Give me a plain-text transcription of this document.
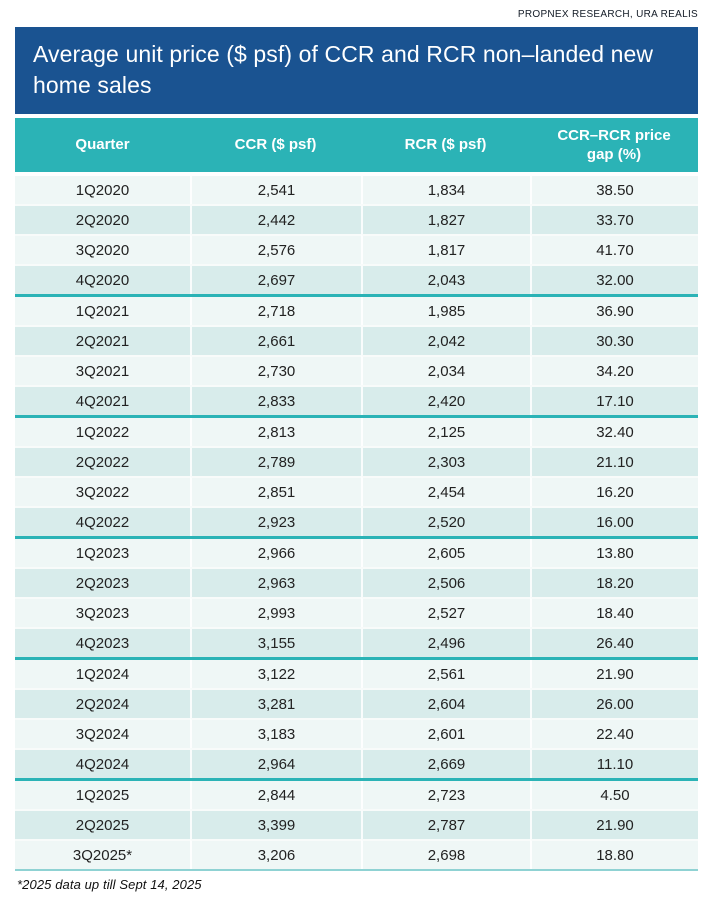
PROPNEX RESEARCH, URA REALIS
Average unit price ($ psf) of CCR and RCR non–landed new home sales
Quarter	CCR ($ psf)	RCR ($ psf)	CCR–RCR price gap (%)
1Q2020	2,541	1,834	38.50
2Q2020	2,442	1,827	33.70
3Q2020	2,576	1,817	41.70
4Q2020	2,697	2,043	32.00

1Q2021	2,718	1,985	36.90
2Q2021	2,661	2,042	30.30
3Q2021	2,730	2,034	34.20
4Q2021	2,833	2,420	17.10

1Q2022	2,813	2,125	32.40
2Q2022	2,789	2,303	21.10
3Q2022	2,851	2,454	16.20
4Q2022	2,923	2,520	16.00

1Q2023	2,966	2,605	13.80
2Q2023	2,963	2,506	18.20
3Q2023	2,993	2,527	18.40
4Q2023	3,155	2,496	26.40

1Q2024	3,122	2,561	21.90
2Q2024	3,281	2,604	26.00
3Q2024	3,183	2,601	22.40
4Q2024	2,964	2,669	11.10

1Q2025	2,844	2,723	4.50
2Q2025	3,399	2,787	21.90
3Q2025*	3,206	2,698	18.80

*2025 data up till Sept 14, 2025
